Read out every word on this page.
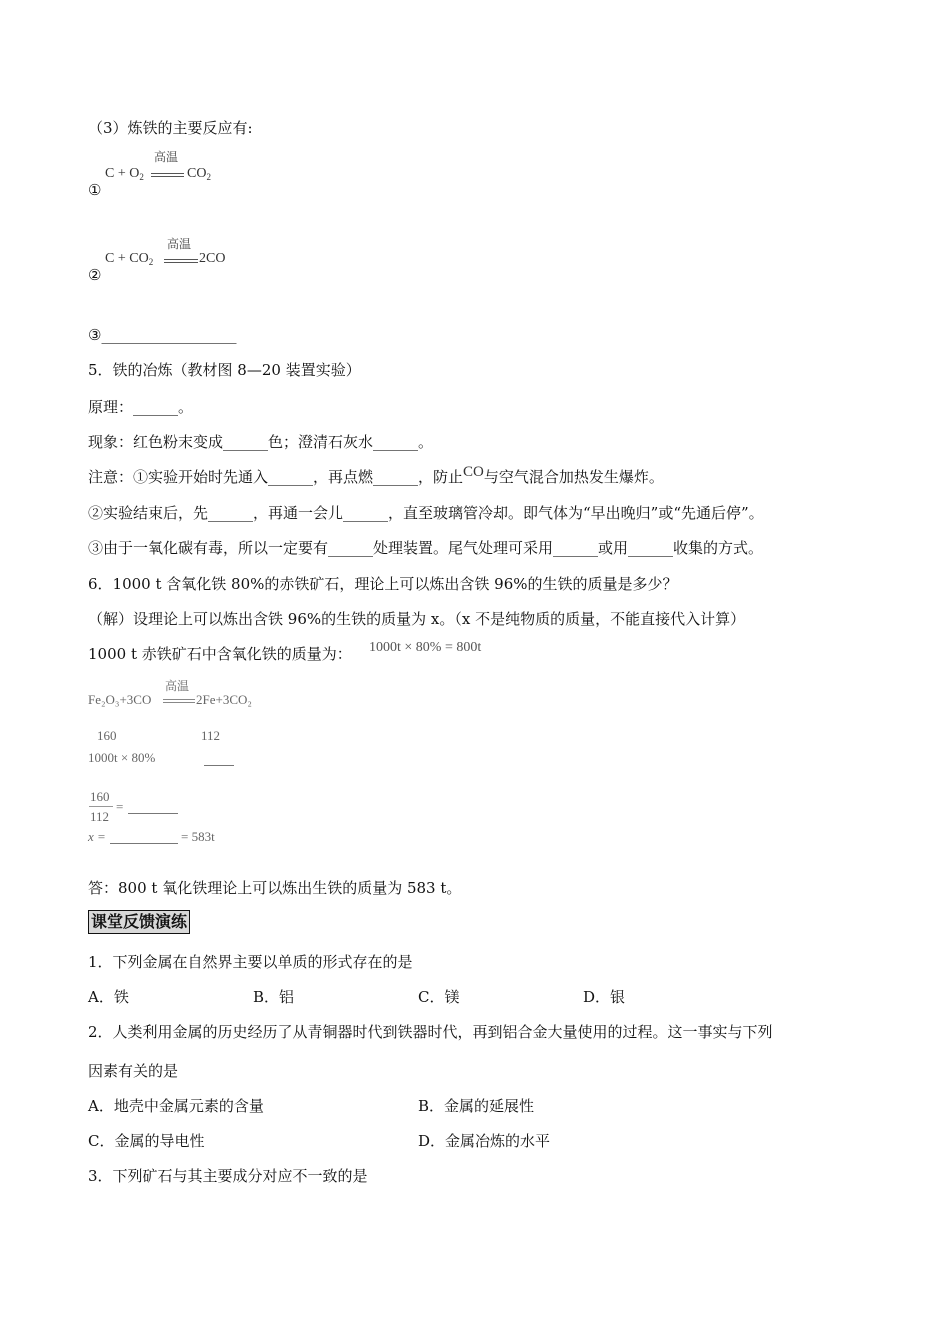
（3）炼铁的主要反应有:
①
$C + O_2$
高温
$CO_2$
②
$C + CO_2$
高温
2CO
③__________________
5．铁的冶炼（教材图 8—20 装置实验）
原理：______。
现象：红色粉末变成______色；澄清石灰水______。
注意：①实验开始时先通入______，再点燃______，防止CO与空气混合加热发生爆炸。
②实验结束后，先______，再通一会儿______，直至玻璃管冷却。即气体为“早出晚归”或“先通后停”。
③由于一氧化碳有毒，所以一定要有______处理装置。尾气处理可采用______或用______收集的方式。
6．1000 t 含氧化铁 80%的赤铁矿石，理论上可以炼出含铁 96%的生铁的质量是多少？
（解）设理论上可以炼出含铁 96%的生铁的质量为 x。（x 不是纯物质的质量，不能直接代入计算）
1000 t 赤铁矿石中含氧化铁的质量为： 1000t × 80% = 800t
Fe₂O₃+3CO
高温
2Fe+3CO₂
160	112
1000t × 80%
160
112
=
x =	= 583t
答：800 t 氧化铁理论上可以炼出生铁的质量为 583 t。
课堂反馈演练
1．下列金属在自然界主要以单质的形式存在的是
A．铁	B．铝	C．镁	D．银
2．人类利用金属的历史经历了从青铜器时代到铁器时代，再到铝合金大量使用的过程。这一事实与下列
因素有关的是
A．地壳中金属元素的含量	B．金属的延展性
C．金属的导电性	D．金属冶炼的水平
3．下列矿石与其主要成分对应不一致的是
